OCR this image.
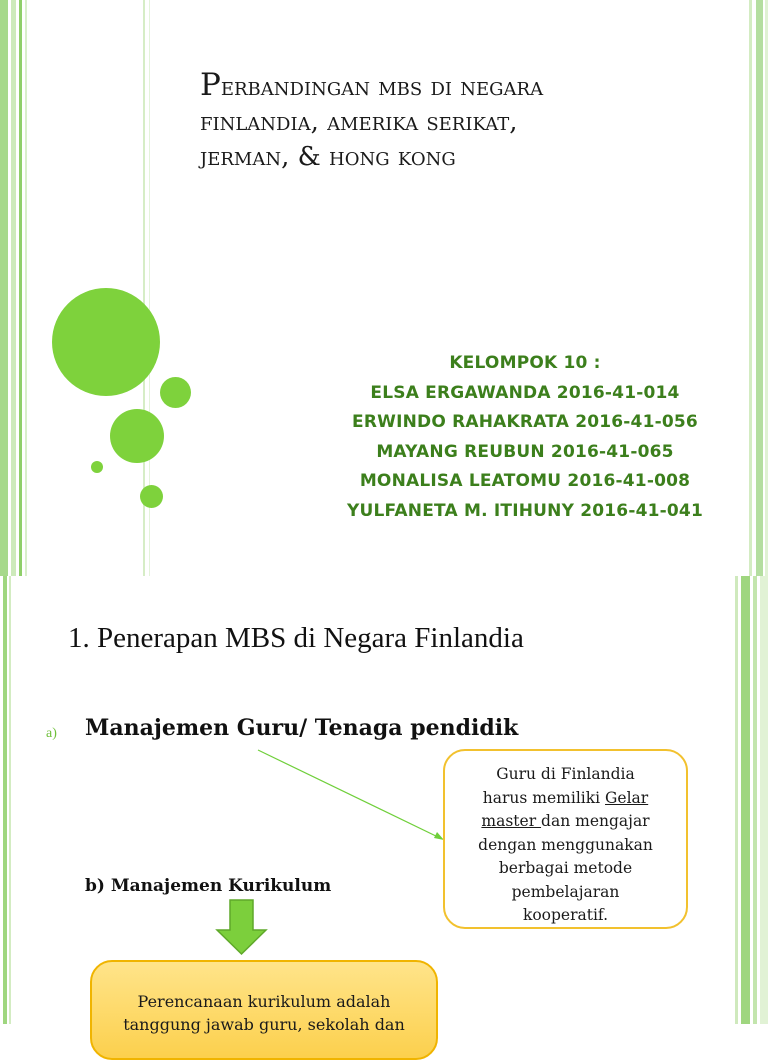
Perbandingan mbs di negara
finlandia, amerika serikat,
jerman, & hong kong
KELOMPOK 10 :
ELSA ERGAWANDA 2016-41-014
ERWINDO RAHAKRATA 2016-41-056
MAYANG REUBUN 2016-41-065
MONALISA LEATOMU 2016-41-008
YULFANETA M. ITIHUNY 2016-41-041
1. Penerapan MBS di Negara Finlandia
a) Manajemen Guru/ Tenaga pendidik
Guru di Finlandia
harus memiliki Gelar
master dan mengajar
dengan menggunakan
berbagai metode
pembelajaran
kooperatif.
b) Manajemen Kurikulum
Perencanaan kurikulum adalah
tanggung jawab guru, sekolah dan
